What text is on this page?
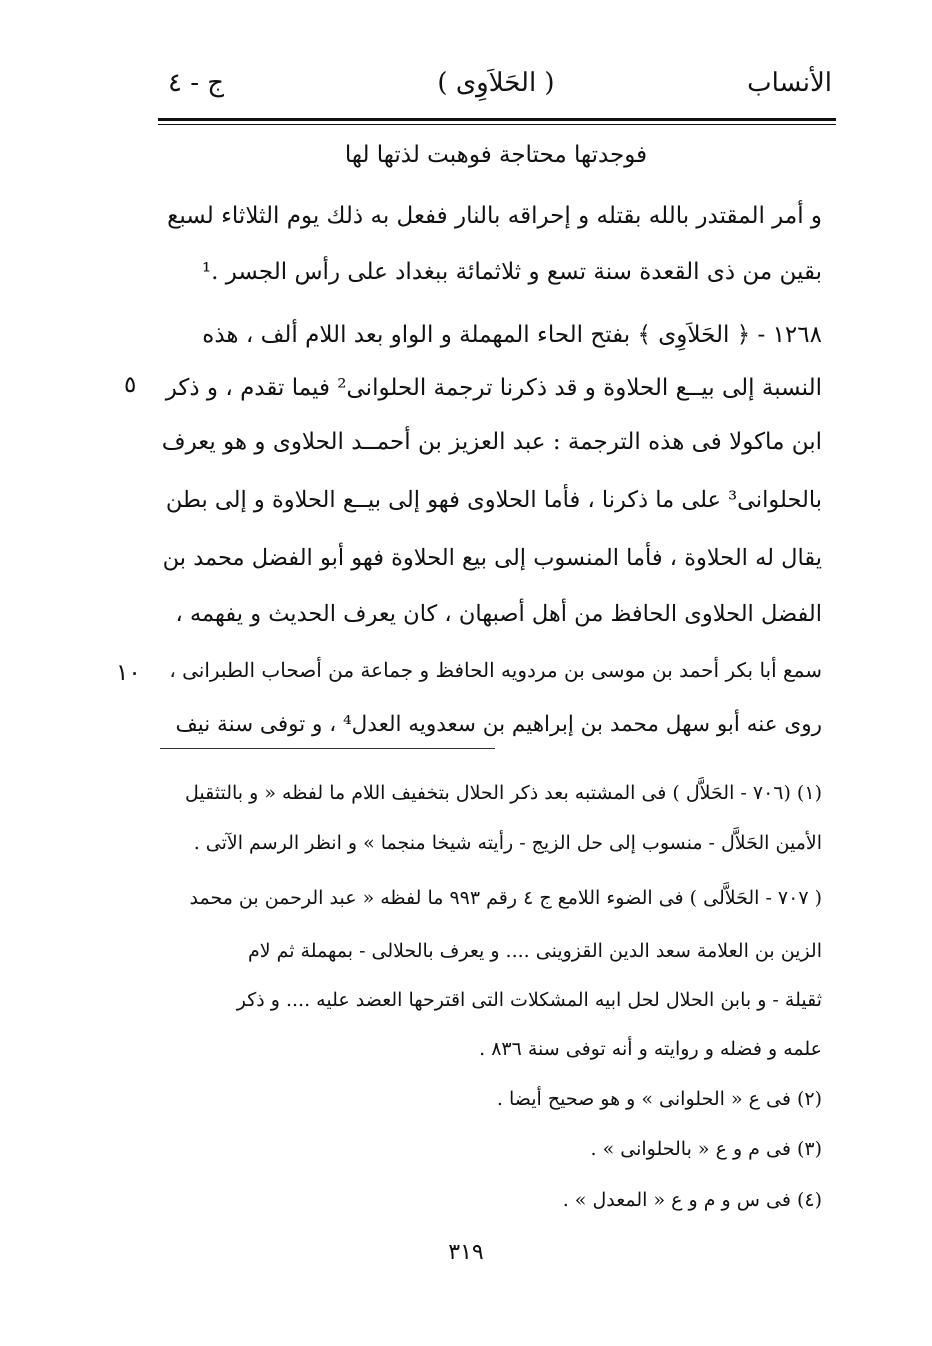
ج - ٤	( الحَلاَوِى )	الأنساب
فوجدتها محتاجة فوهبت لذتها لها
و أمر المقتدر بالله بقتله و إحراقه بالنار ففعل به ذلك يوم الثلاثاء لسبع
بقين من ذى القعدة سنة تسع و ثلاثمائة ببغداد على رأس الجسر .¹
١٢٦٨ - ﴿ الحَلاَوِى ﴾ بفتح الحاء المهملة و الواو بعد اللام ألف ، هذه
النسبة إلى بيــع الحلاوة و قد ذكرنا ترجمة الحلوانى² فيما تقدم ، و ذكر
ابن ماكولا فى هذه الترجمة : عبد العزيز بن أحمــد الحلاوى و هو يعرف
بالحلوانى³ على ما ذكرنا ، فأما الحلاوى فهو إلى بيــع الحلاوة و إلى بطن
يقال له الحلاوة ، فأما المنسوب إلى بيع الحلاوة فهو أبو الفضل محمد بن
الفضل الحلاوى الحافظ من أهل أصبهان ، كان يعرف الحديث و يفهمه ،
سمع أبا بكر أحمد بن موسى بن مردويه الحافظ و جماعة من أصحاب الطبرانى ،
روى عنه أبو سهل محمد بن إبراهيم بن سعدويه العدل⁴ ، و توفى سنة نيف
٥
١٠
(١) (٧٠٦ - الحَلاَّل ) فى المشتبه بعد ذكر الحلال بتخفيف اللام ما لفظه « و بالتثقيل
الأمين الحَلاَّل - منسوب إلى حل الزيج - رأيته شيخا منجما » و انظر الرسم الآتى .
( ٧٠٧ - الحَلاَّلى ) فى الضوء اللامع ج ٤ رقم ٩٩٣ ما لفظه « عبد الرحمن بن محمد
الزين بن العلامة سعد الدين القزوينى .... و يعرف بالحلالى - بمهملة ثم لام
ثقيلة - و بابن الحلال لحل ابيه المشكلات التى اقترحها العضد عليه .... و ذكر
علمه و فضله و روايته و أنه توفى سنة ٨٣٦ .
(٢) فى ع « الحلوانى » و هو صحيح أيضا .
(٣) فى م و ع « بالحلوانى » .
(٤) فى س و م و ع « المعدل » .
٣١٩
